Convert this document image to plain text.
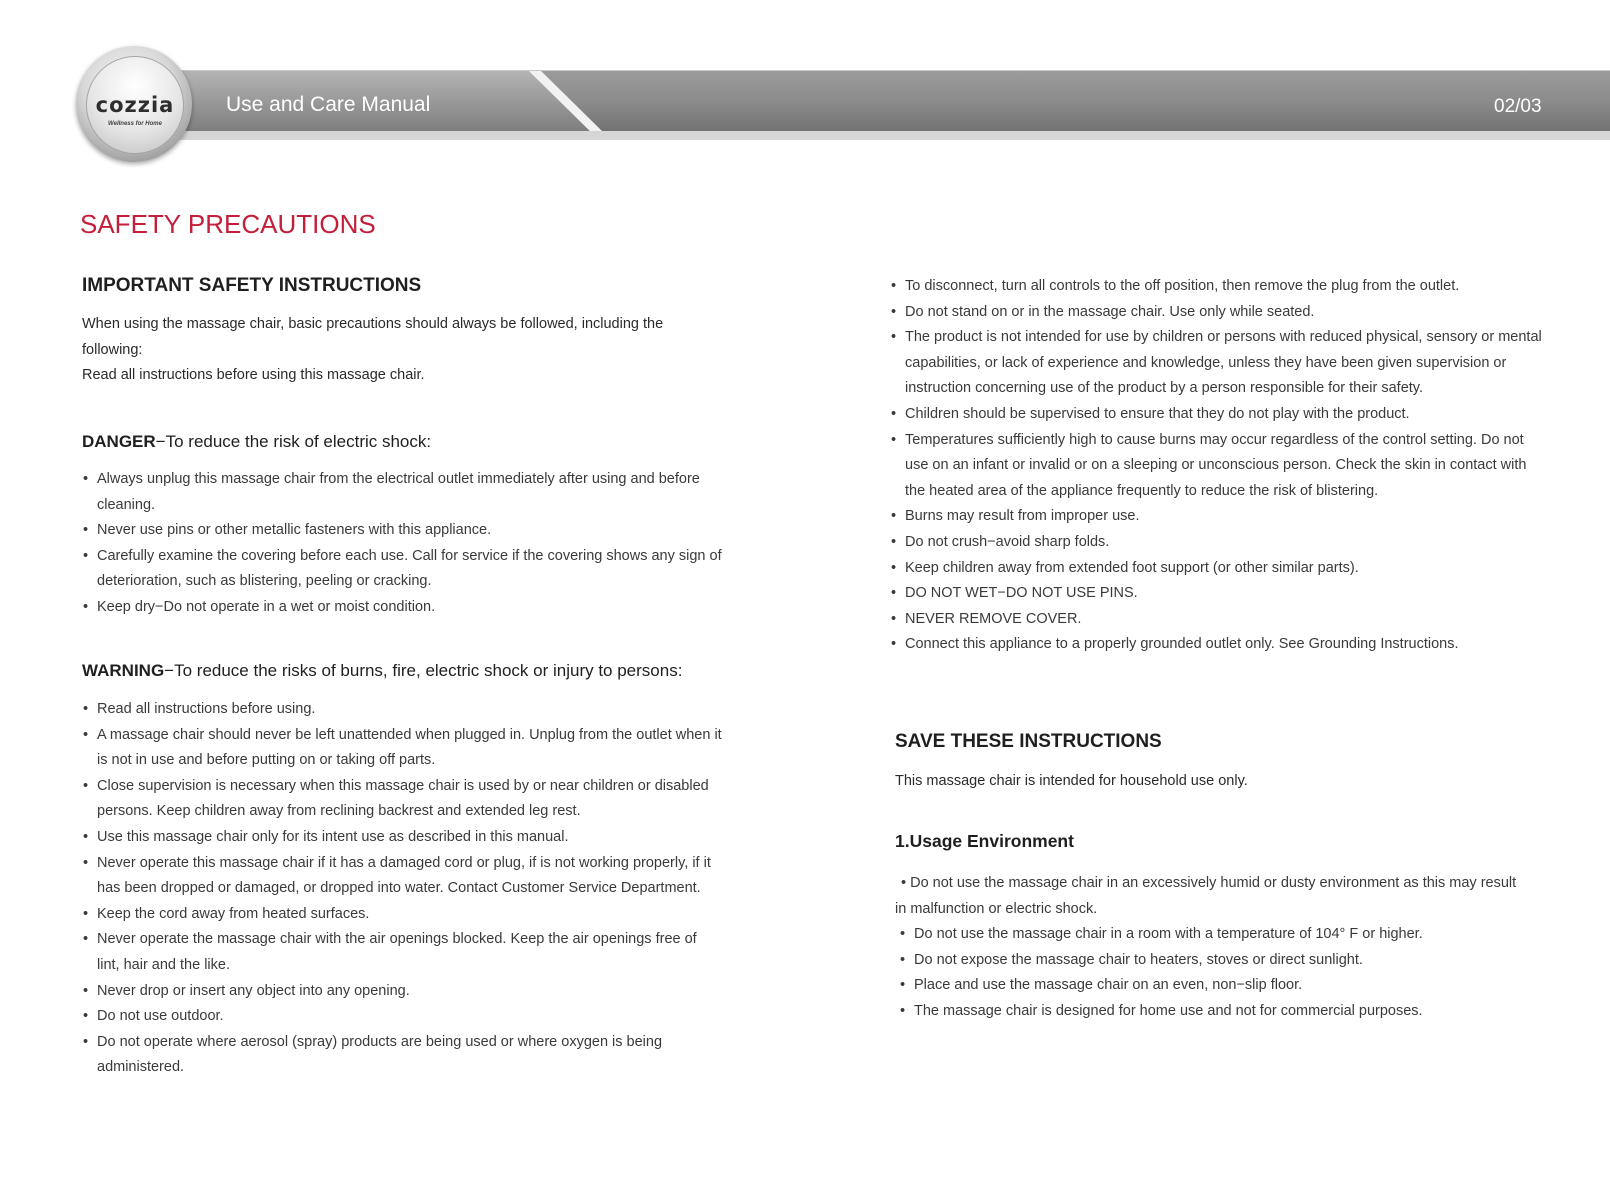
cozzia
Wellness for Home
Use and Care Manual	02/03
SAFETY PRECAUTIONS
IMPORTANT SAFETY INSTRUCTIONS

When using the massage chair, basic precautions should always be followed, including the following:

Read all instructions before using this massage chair.

DANGER−To reduce the risk of electric shock:
• Always unplug this massage chair from the electrical outlet immediately after using and before cleaning.
• Never use pins or other metallic fasteners with this appliance.
• Carefully examine the covering before each use. Call for service if the covering shows any sign of deterioration, such as blistering, peeling or cracking.
• Keep dry−Do not operate in a wet or moist condition.
WARNING−To reduce the risks of burns, fire, electric shock or injury to persons:
• Read all instructions before using.
• A massage chair should never be left unattended when plugged in. Unplug from the outlet when it is not in use and before putting on or taking off parts.
• Close supervision is necessary when this massage chair is used by or near children or disabled persons. Keep children away from reclining backrest and extended leg rest.
• Use this massage chair only for its intent use as described in this manual.
• Never operate this massage chair if it has a damaged cord or plug, if is not working properly, if it has been dropped or damaged, or dropped into water. Contact Customer Service Department.
• Keep the cord away from heated surfaces.
• Never operate the massage chair with the air openings blocked. Keep the air openings free of lint, hair and the like.
• Never drop or insert any object into any opening.
• Do not use outdoor.
• Do not operate where aerosol (spray) products are being used or where oxygen is being administered.
• To disconnect, turn all controls to the off position, then remove the plug from the outlet.
• Do not stand on or in the massage chair. Use only while seated.
• The product is not intended for use by children or persons with reduced physical, sensory or mental capabilities, or lack of experience and knowledge, unless they have been given supervision or instruction concerning use of the product by a person responsible for their safety.
• Children should be supervised to ensure that they do not play with the product.
• Temperatures sufficiently high to cause burns may occur regardless of the control setting. Do not use on an infant or invalid or on a sleeping or unconscious person. Check the skin in contact with the heated area of the appliance frequently to reduce the risk of blistering.
• Burns may result from improper use.
• Do not crush−avoid sharp folds.
• Keep children away from extended foot support (or other similar parts).
• DO NOT WET−DO NOT USE PINS.
• NEVER REMOVE COVER.
• Connect this appliance to a properly grounded outlet only. See Grounding Instructions.
SAVE THESE INSTRUCTIONS

This massage chair is intended for household use only.

1.Usage Environment

• Do not use the massage chair in an excessively humid or dusty environment as this may result in malfunction or electric shock.

• Do not use the massage chair in a room with a temperature of 104° F or higher.
• Do not expose the massage chair to heaters, stoves or direct sunlight.
• Place and use the massage chair on an even, non−slip floor.
• The massage chair is designed for home use and not for commercial purposes.
